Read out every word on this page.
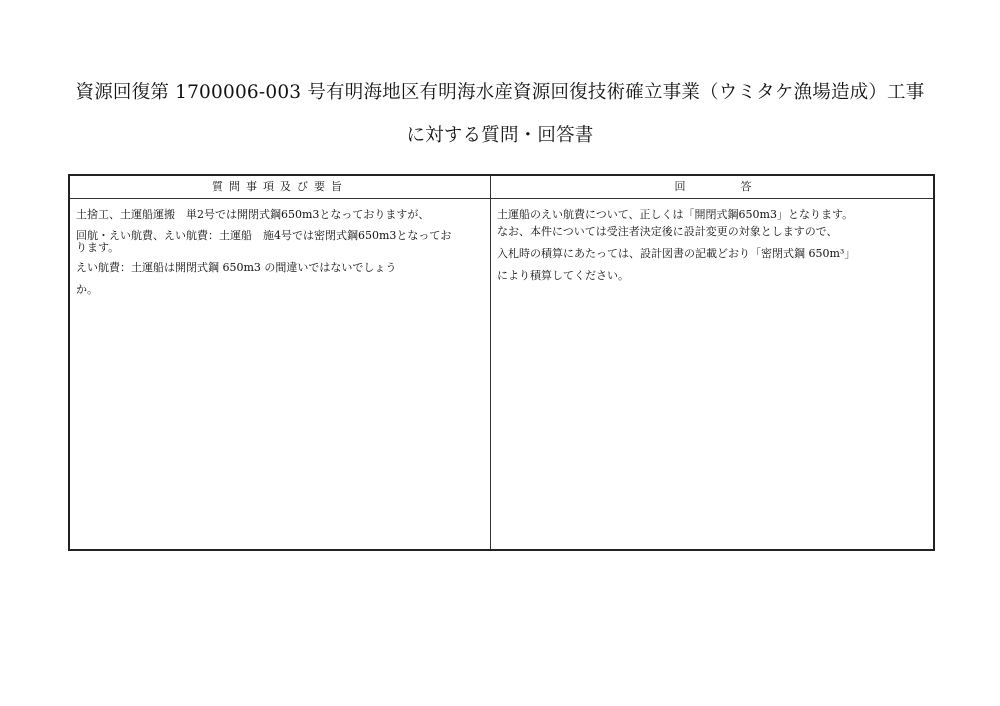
資源回復第 1700006-003 号有明海地区有明海水産資源回復技術確立事業（ウミタケ漁場造成）工事
に対する質問・回答書
質問事項及び要旨	回　　　　　答
土捨工、土運船運搬　単2号では開閉式鋼650m3となっておりますが、
回航・えい航費、えい航費：土運船　施4号では密閉式鋼650m3となってお
ります。
えい航費：土運船は開閉式鋼 650m3 の間違いではないでしょう
か。
土運船のえい航費について、正しくは「開閉式鋼650m3」となります。
なお、本件については受注者決定後に設計変更の対象としますので、
入札時の積算にあたっては、設計図書の記載どおり「密閉式鋼 650m³」
により積算してください。
